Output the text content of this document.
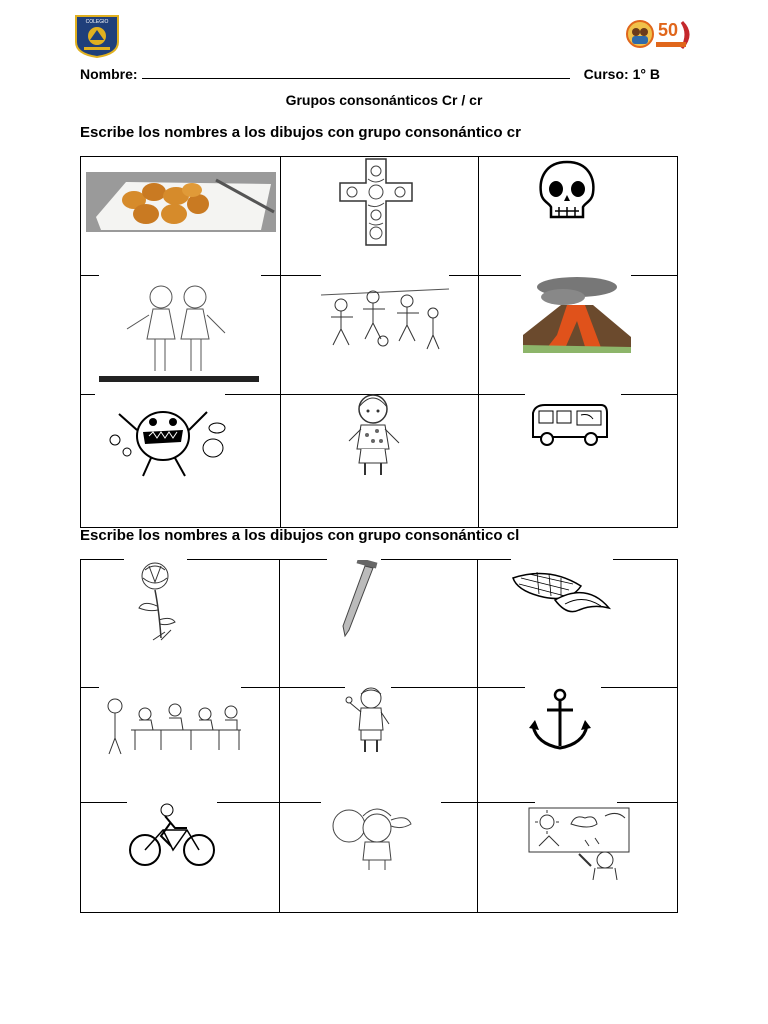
COLEGIO	50
Nombre:	Curso: 1° B
Grupos consonánticos Cr / cr
Escribe los nombres a los dibujos con grupo consonántico cr
Escribe los nombres a los dibujos con grupo consonántico cl
